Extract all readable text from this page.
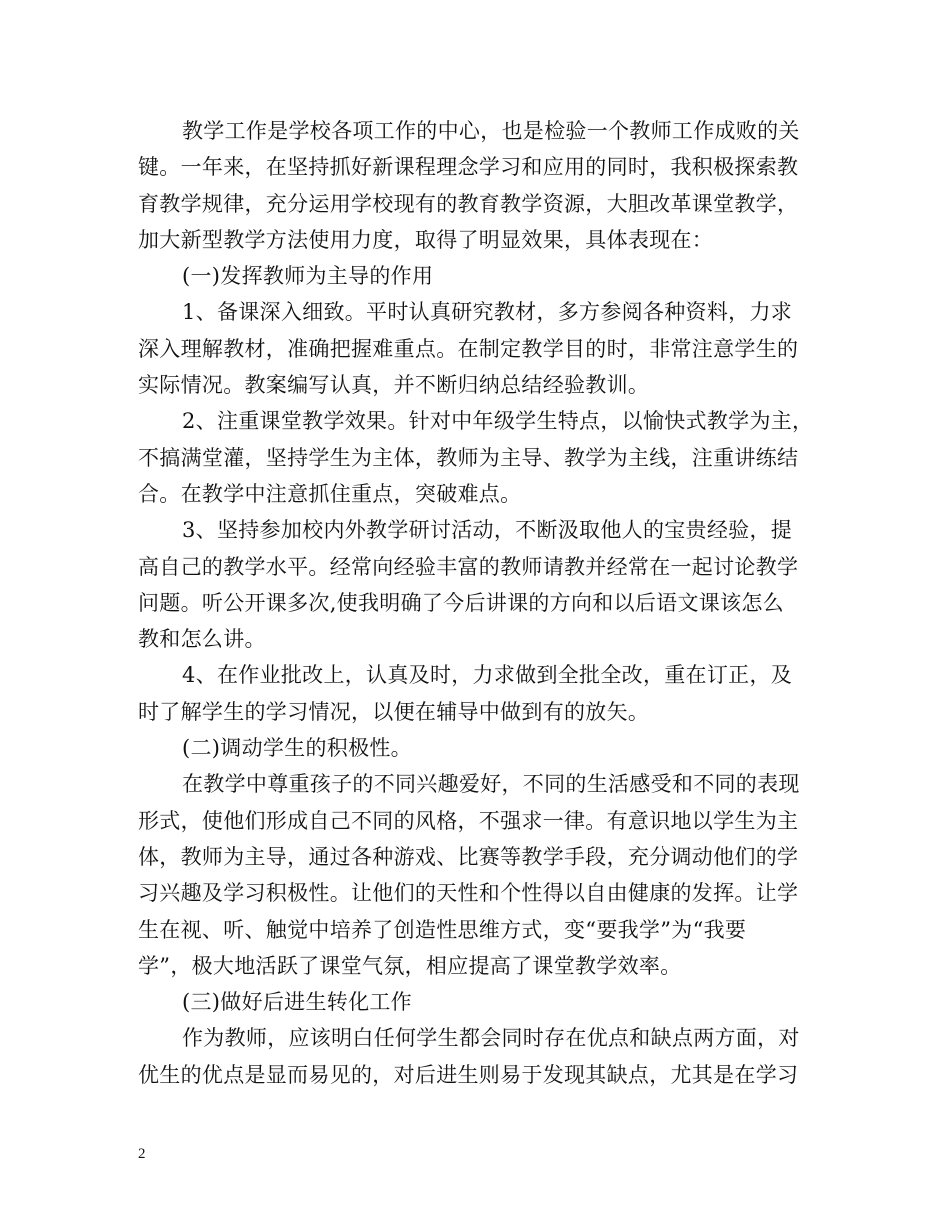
教学工作是学校各项工作的中心，也是检验一个教师工作成败的关
键。一年来，在坚持抓好新课程理念学习和应用的同时，我积极探索教
育教学规律，充分运用学校现有的教育教学资源，大胆改革课堂教学，
加大新型教学方法使用力度，取得了明显效果，具体表现在：
(一)发挥教师为主导的作用
1、备课深入细致。平时认真研究教材，多方参阅各种资料，力求
深入理解教材，准确把握难重点。在制定教学目的时，非常注意学生的
实际情况。教案编写认真，并不断归纳总结经验教训。
2、注重课堂教学效果。针对中年级学生特点，以愉快式教学为主，
不搞满堂灌，坚持学生为主体，教师为主导、教学为主线，注重讲练结
合。在教学中注意抓住重点，突破难点。
3、坚持参加校内外教学研讨活动，不断汲取他人的宝贵经验，提
高自己的教学水平。经常向经验丰富的教师请教并经常在一起讨论教学
问题。听公开课多次,使我明确了今后讲课的方向和以后语文课该怎么
教和怎么讲。
4、在作业批改上，认真及时，力求做到全批全改，重在订正，及
时了解学生的学习情况，以便在辅导中做到有的放矢。
(二)调动学生的积极性。
在教学中尊重孩子的不同兴趣爱好，不同的生活感受和不同的表现
形式，使他们形成自己不同的风格，不强求一律。有意识地以学生为主
体，教师为主导，通过各种游戏、比赛等教学手段，充分调动他们的学
习兴趣及学习积极性。让他们的天性和个性得以自由健康的发挥。让学
生在视、听、触觉中培养了创造性思维方式，变“要我学”为“我要
学”，极大地活跃了课堂气氛，相应提高了课堂教学效率。
(三)做好后进生转化工作
作为教师，应该明白任何学生都会同时存在优点和缺点两方面，对
优生的优点是显而易见的，对后进生则易于发现其缺点，尤其是在学习
2
